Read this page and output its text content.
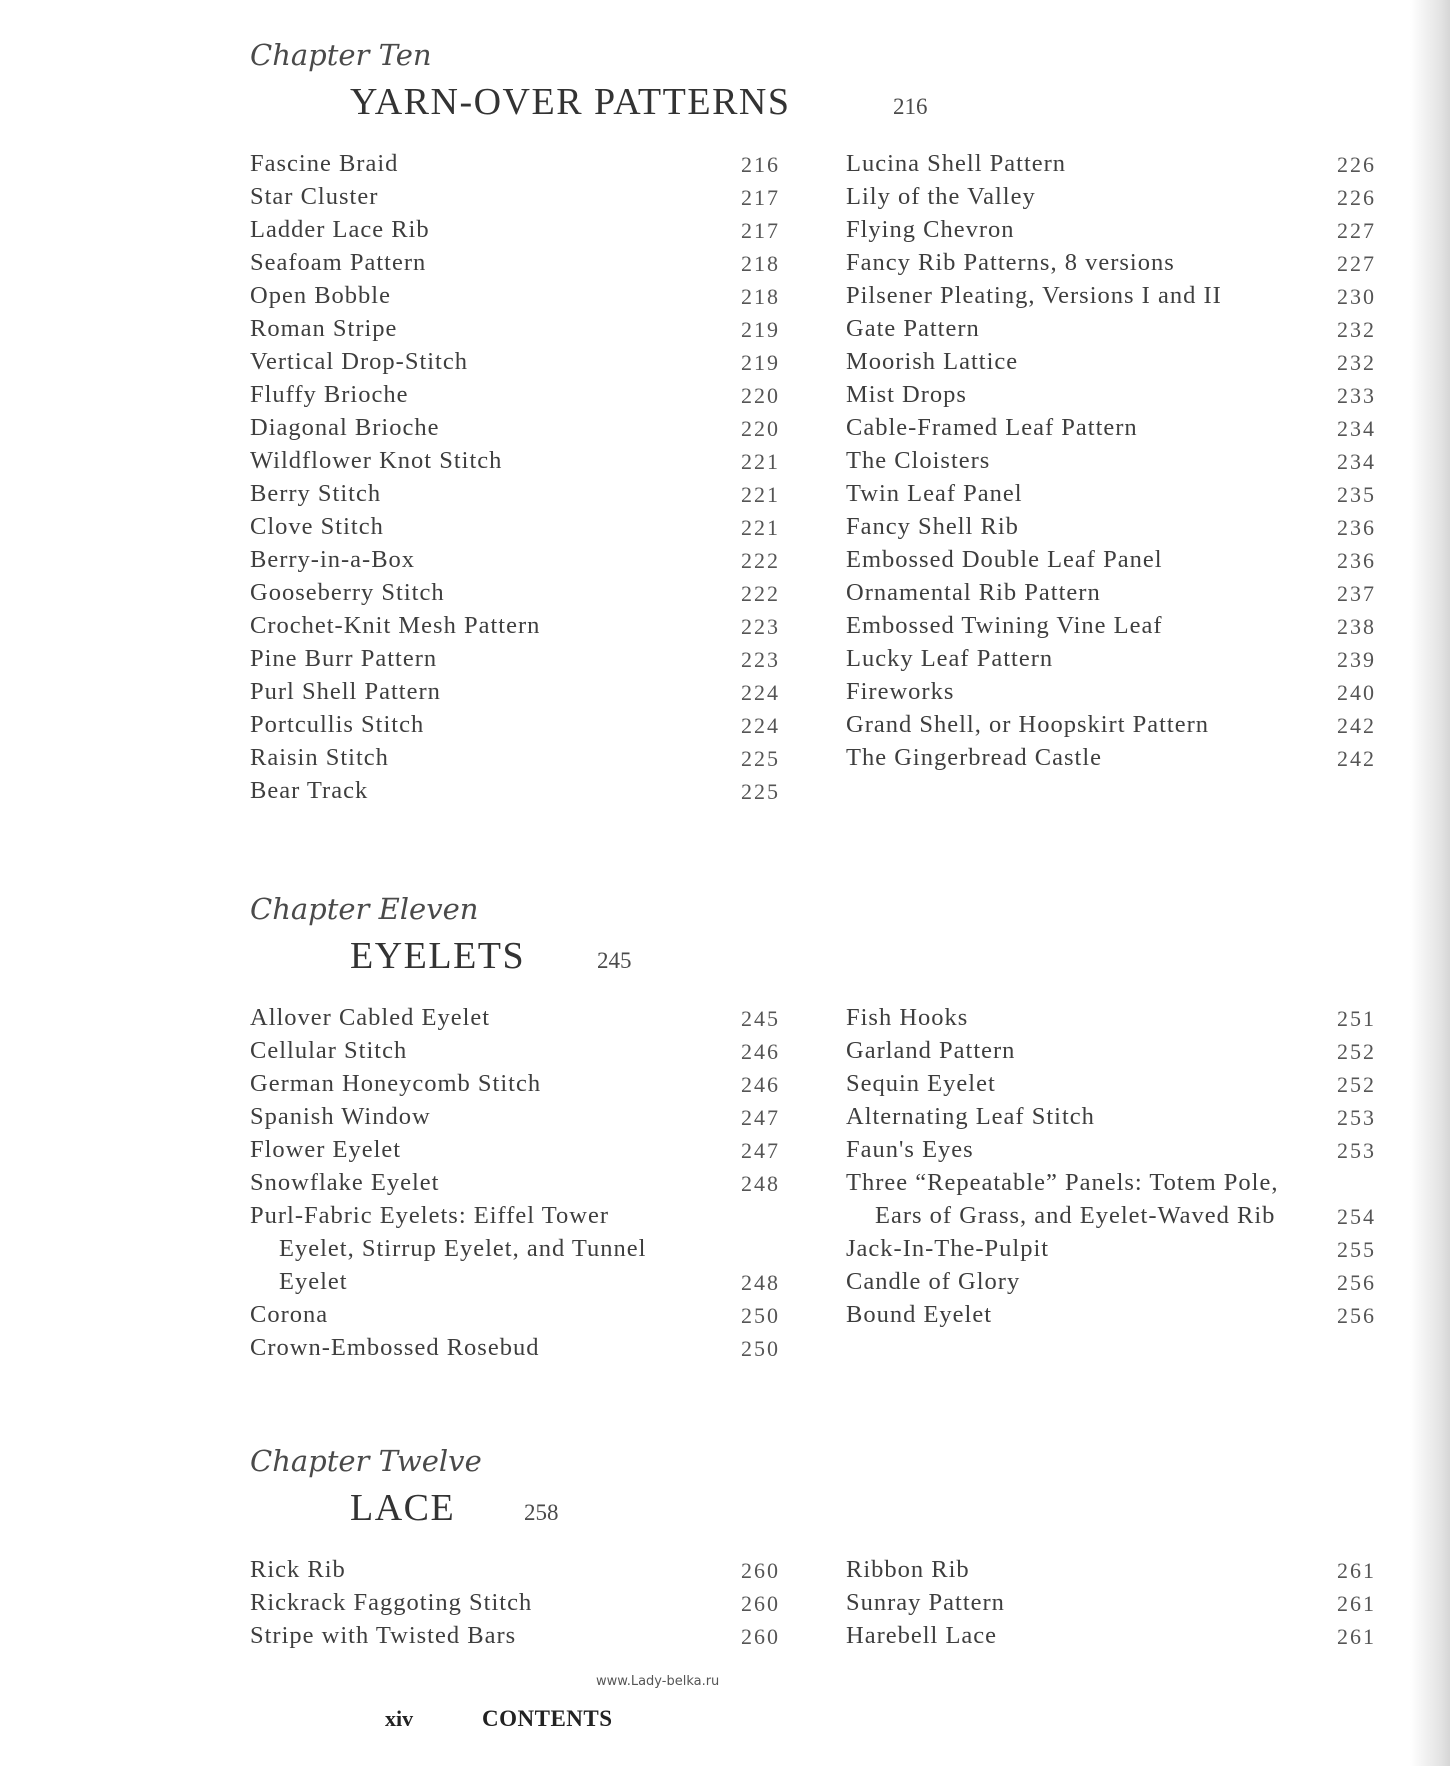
Chapter Ten
YARN-OVER PATTERNS	216
Fascine Braid	216
Star Cluster	217
Ladder Lace Rib	217
Seafoam Pattern	218
Open Bobble	218
Roman Stripe	219
Vertical Drop-Stitch	219
Fluffy Brioche	220
Diagonal Brioche	220
Wildflower Knot Stitch	221
Berry Stitch	221
Clove Stitch	221
Berry-in-a-Box	222
Gooseberry Stitch	222
Crochet-Knit Mesh Pattern	223
Pine Burr Pattern	223
Purl Shell Pattern	224
Portcullis Stitch	224
Raisin Stitch	225
Bear Track	225
Lucina Shell Pattern	226
Lily of the Valley	226
Flying Chevron	227
Fancy Rib Patterns, 8 versions	227
Pilsener Pleating, Versions I and II	230
Gate Pattern	232
Moorish Lattice	232
Mist Drops	233
Cable-Framed Leaf Pattern	234
The Cloisters	234
Twin Leaf Panel	235
Fancy Shell Rib	236
Embossed Double Leaf Panel	236
Ornamental Rib Pattern	237
Embossed Twining Vine Leaf	238
Lucky Leaf Pattern	239
Fireworks	240
Grand Shell, or Hoopskirt Pattern	242
The Gingerbread Castle	242
Chapter Eleven
EYELETS	245
Allover Cabled Eyelet	245
Cellular Stitch	246
German Honeycomb Stitch	246
Spanish Window	247
Flower Eyelet	247
Snowflake Eyelet	248
Purl-Fabric Eyelets: Eiffel Tower
Eyelet, Stirrup Eyelet, and Tunnel
Eyelet	248
Corona	250
Crown-Embossed Rosebud	250
Fish Hooks	251
Garland Pattern	252
Sequin Eyelet	252
Alternating Leaf Stitch	253
Faun's Eyes	253
Three “Repeatable” Panels: Totem Pole,
Ears of Grass, and Eyelet-Waved Rib	254
Jack-In-The-Pulpit	255
Candle of Glory	256
Bound Eyelet	256
Chapter Twelve
LACE	258
Rick Rib	260
Rickrack Faggoting Stitch	260
Stripe with Twisted Bars	260
Ribbon Rib	261
Sunray Pattern	261
Harebell Lace	261
www.Lady-belka.ru
xiv	CONTENTS
